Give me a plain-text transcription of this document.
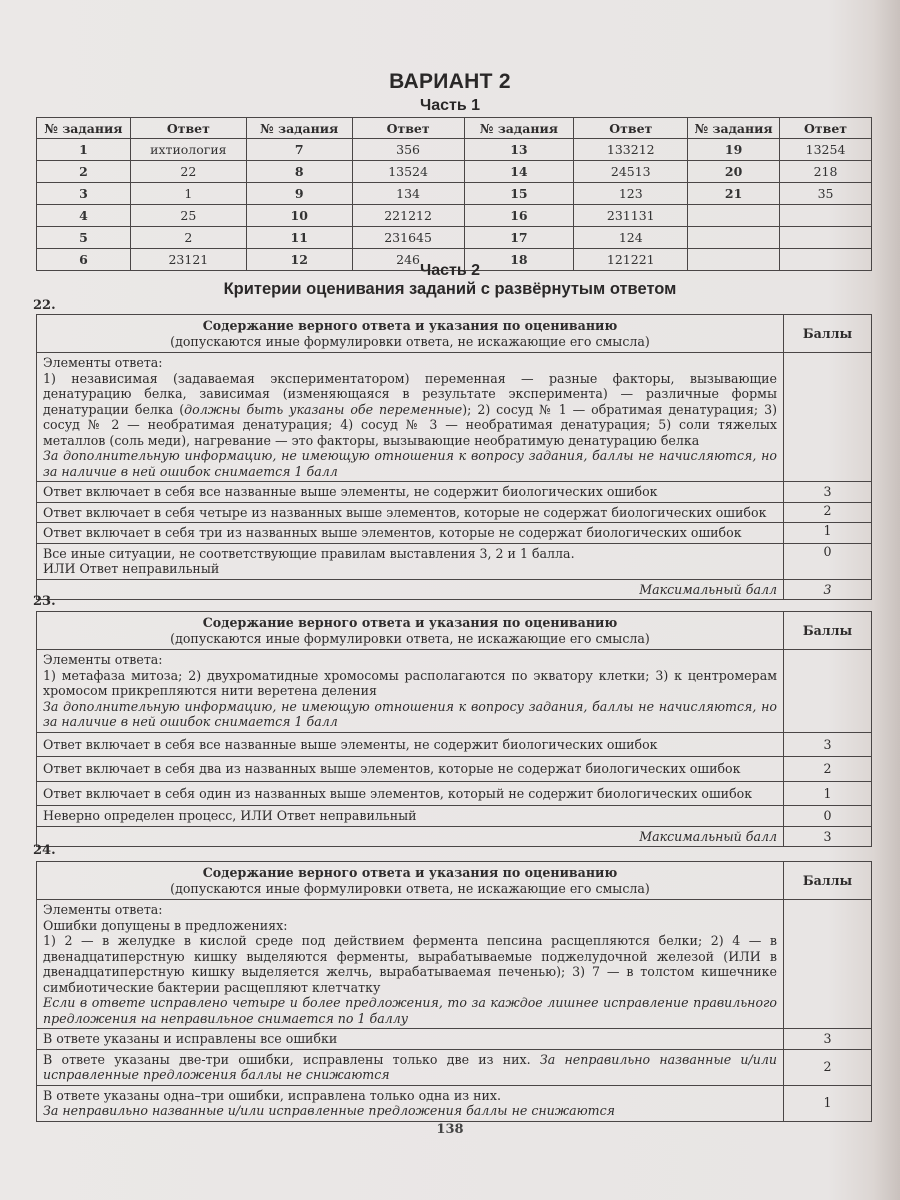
ВАРИАНТ 2
Часть 1
№ задания	Ответ	№ задания	Ответ	№ задания	Ответ	№ задания	Ответ
1	ихтиология	7	356	13	133212	19	13254
2	22	8	13524	14	24513	20	218
3	1	9	134	15	123	21	35
4	25	10	221212	16	231131		
5	2	11	231645	17	124		
6	23121	12	246	18	121221		
Часть 2
Критерии оценивания заданий с развёрнутым ответом
22.
Содержание верного ответа и указания по оцениванию
(допускаются иные формулировки ответа, не искажающие его смысла)	Баллы

Элементы ответа:

1) независимая (задаваемая экспериментатором) переменная — разные факторы, вызывающие денатурацию белка, зависимая (изменяющаяся в результате эксперимента) — различные формы денатурации белка (должны быть указаны обе переменные); 2) сосуд № 1 — обратимая денатурация; 3) сосуд № 2 — необратимая денатурация; 4) сосуд № 3 — необратимая денатурация; 5) соли тяжелых металлов (соль меди), нагревание — это факторы, вызывающие необратимую денатурацию белка

За дополнительную информацию, не имеющую отношения к вопросу задания, баллы не начисляются, но за наличие в ней ошибок снимается 1 балл	

Ответ включает в себя все названные выше элементы, не содержит биологических ошибок	3
Ответ включает в себя четыре из названных выше элементов, которые не содержат биологических ошибок	2
Ответ включает в себя три из названных выше элементов, которые не содержат биологических ошибок	1

Все иные ситуации, не соответствующие правилам выставления 3, 2 и 1 балла.

ИЛИ Ответ неправильный	0
Максимальный балл	3
23.
Содержание верного ответа и указания по оцениванию
(допускаются иные формулировки ответа, не искажающие его смысла)	Баллы

Элементы ответа:

1) метафаза митоза; 2) двухроматидные хромосомы располагаются по экватору клетки; 3) к центромерам хромосом прикрепляются нити веретена деления

За дополнительную информацию, не имеющую отношения к вопросу задания, баллы не начисляются, но за наличие в ней ошибок снимается 1 балл	

Ответ включает в себя все названные выше элементы, не содержит биологических ошибок	3
Ответ включает в себя два из названных выше элементов, которые не содержат биологических ошибок	2
Ответ включает в себя один из названных выше элементов, который не содержит биологических ошибок	1
Неверно определен процесс, ИЛИ Ответ неправильный	0
Максимальный балл	3
24.
Содержание верного ответа и указания по оцениванию
(допускаются иные формулировки ответа, не искажающие его смысла)	Баллы

Элементы ответа:

Ошибки допущены в предложениях:

1) 2 — в желудке в кислой среде под действием фермента пепсина расщепляются белки; 2) 4 — в двенадцатиперстную кишку выделяются ферменты, вырабатываемые поджелудочной железой (ИЛИ в двенадцатиперстную кишку выделяется желчь, вырабатываемая печенью); 3) 7 — в толстом кишечнике симбиотические бактерии расщепляют клетчатку

Если в ответе исправлено четыре и более предложения, то за каждое лишнее исправление правильного предложения на неправильное снимается по 1 баллу	

В ответе указаны и исправлены все ошибки	3
В ответе указаны две-три ошибки, исправлены только две из них. За неправильно названные и/или исправленные предложения баллы не снижаются	2

В ответе указаны одна–три ошибки, исправлена только одна из них.

За неправильно названные и/или исправленные предложения баллы не снижаются	1
138
